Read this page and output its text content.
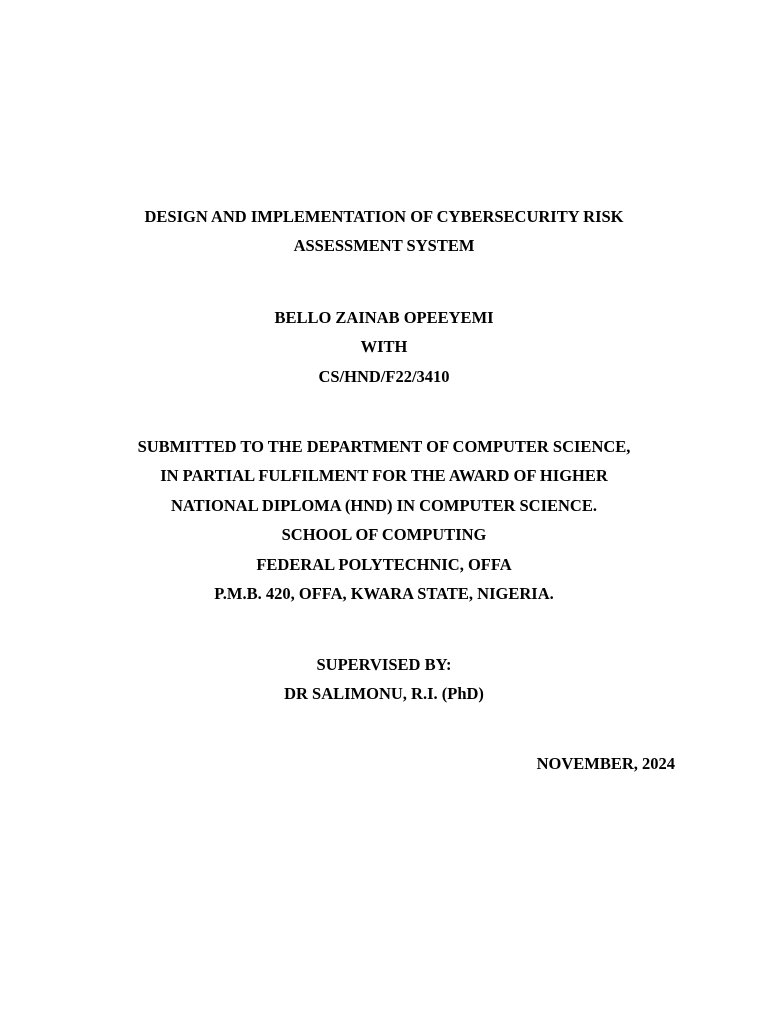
DESIGN AND IMPLEMENTATION OF CYBERSECURITY RISK
ASSESSMENT SYSTEM
BELLO ZAINAB OPEEYEMI
WITH
CS/HND/F22/3410
SUBMITTED TO THE DEPARTMENT OF COMPUTER SCIENCE,
IN PARTIAL FULFILMENT FOR THE AWARD OF HIGHER
NATIONAL DIPLOMA (HND) IN COMPUTER SCIENCE.
SCHOOL OF COMPUTING
FEDERAL POLYTECHNIC, OFFA
P.M.B. 420, OFFA, KWARA STATE, NIGERIA.
SUPERVISED BY:
DR SALIMONU, R.I. (PhD)
NOVEMBER, 2024
